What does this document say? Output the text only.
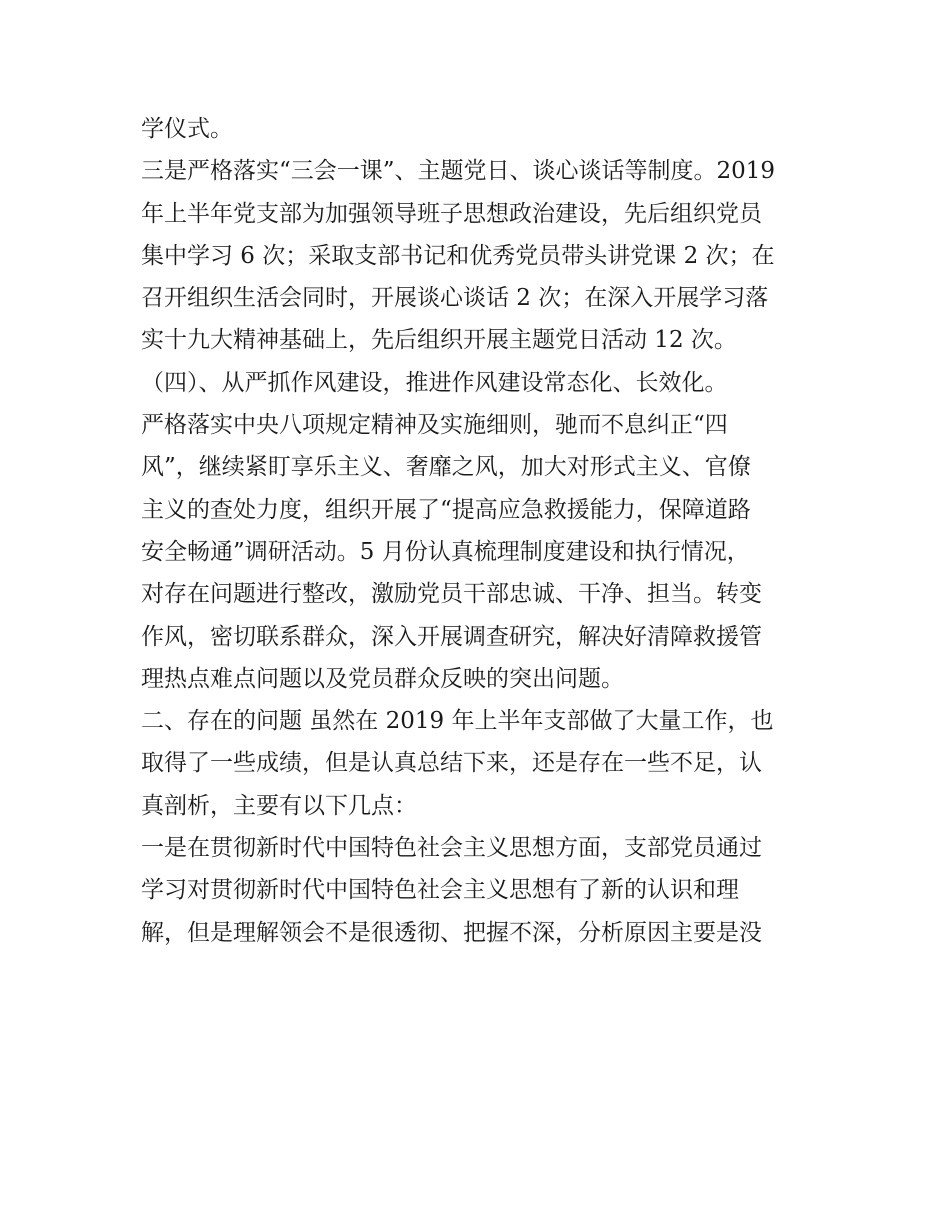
学仪式。
三是严格落实“三会一课”、主题党日、谈心谈话等制度。2019
年上半年党支部为加强领导班子思想政治建设，先后组织党员
集中学习 6 次；采取支部书记和优秀党员带头讲党课 2 次；在
召开组织生活会同时，开展谈心谈话 2 次；在深入开展学习落
实十九大精神基础上，先后组织开展主题党日活动 12 次。
（四）、从严抓作风建设，推进作风建设常态化、长效化。
严格落实中央八项规定精神及实施细则，驰而不息纠正“四
风”，继续紧盯享乐主义、奢靡之风，加大对形式主义、官僚
主义的查处力度，组织开展了“提高应急救援能力，保障道路
安全畅通”调研活动。5 月份认真梳理制度建设和执行情况，
对存在问题进行整改，激励党员干部忠诚、干净、担当。转变
作风，密切联系群众，深入开展调查研究，解决好清障救援管
理热点难点问题以及党员群众反映的突出问题。
二、存在的问题 虽然在 2019 年上半年支部做了大量工作，也
取得了一些成绩，但是认真总结下来，还是存在一些不足，认
真剖析，主要有以下几点：
一是在贯彻新时代中国特色社会主义思想方面，支部党员通过
学习对贯彻新时代中国特色社会主义思想有了新的认识和理
解，但是理解领会不是很透彻、把握不深，分析原因主要是没
